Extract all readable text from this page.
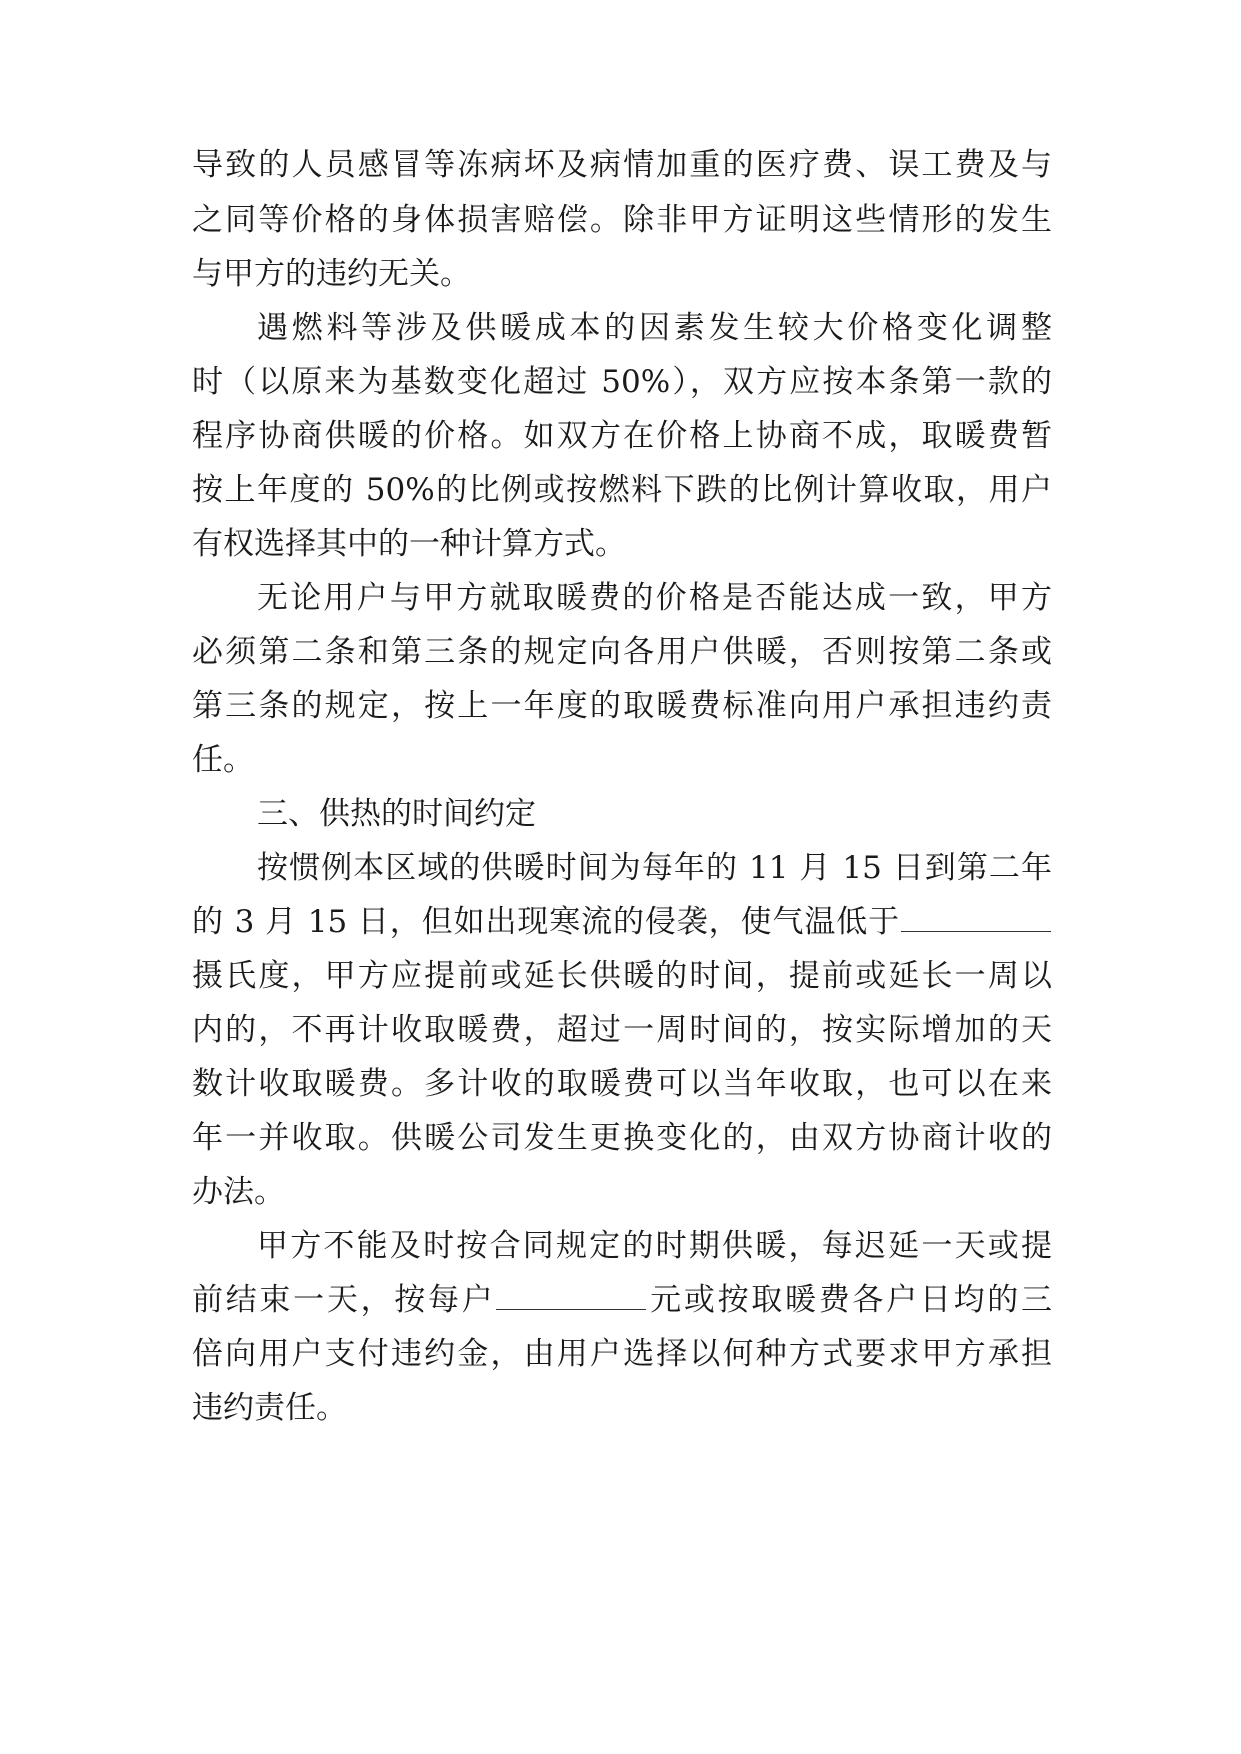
导致的人员感冒等冻病坏及病情加重的医疗费、误工费及与
之同等价格的身体损害赔偿。除非甲方证明这些情形的发生
与甲方的违约无关。
遇燃料等涉及供暖成本的因素发生较大价格变化调整
时（以原来为基数变化超过 50%），双方应按本条第一款的
程序协商供暖的价格。如双方在价格上协商不成，取暖费暂
按上年度的 50%的比例或按燃料下跌的比例计算收取，用户
有权选择其中的一种计算方式。
无论用户与甲方就取暖费的价格是否能达成一致，甲方
必须第二条和第三条的规定向各用户供暖，否则按第二条或
第三条的规定，按上一年度的取暖费标准向用户承担违约责
任。
三、供热的时间约定
按惯例本区域的供暖时间为每年的 11 月 15 日到第二年
的 3 月 15 日，但如出现寒流的侵袭，使气温低于
摄氏度，甲方应提前或延长供暖的时间，提前或延长一周以
内的，不再计收取暖费，超过一周时间的，按实际增加的天
数计收取暖费。多计收的取暖费可以当年收取，也可以在来
年一并收取。供暖公司发生更换变化的，由双方协商计收的
办法。
甲方不能及时按合同规定的时期供暖，每迟延一天或提
前结束一天，按每户	元或按取暖费各户日均的三
倍向用户支付违约金，由用户选择以何种方式要求甲方承担
违约责任。
